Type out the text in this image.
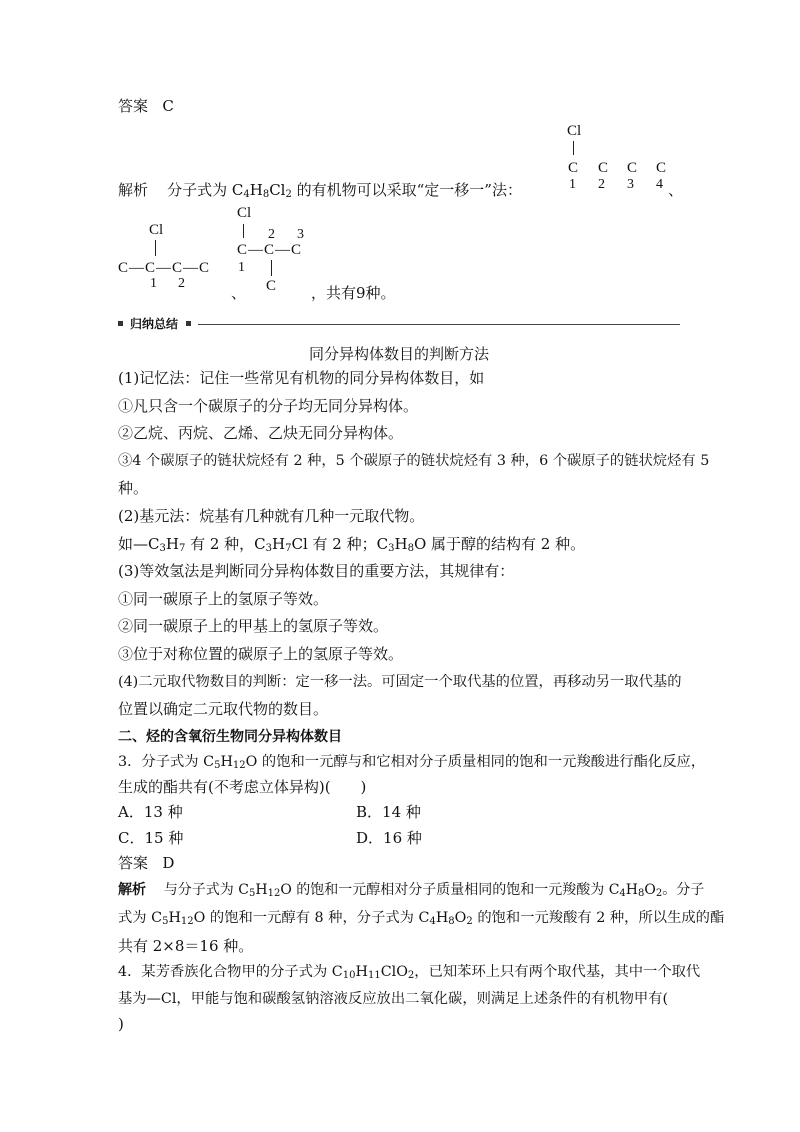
答案 C
解析 分子式为 $C_4H_8Cl_2$ 的有机物可以采取“定一移一”法：
Cl
C C C C
1 2 3 4 、
Cl
C—C—C—C
1 2
、
Cl
2 3
C—C—C
1
C ，共有9种。
归纳总结
同分异构体数目的判断方法
(1)记忆法：记住一些常见有机物的同分异构体数目，如
①凡只含一个碳原子的分子均无同分异构体。
②乙烷、丙烷、乙烯、乙炔无同分异构体。
③4 个碳原子的链状烷烃有 2 种，5 个碳原子的链状烷烃有 3 种，6 个碳原子的链状烷烃有 5
种。
(2)基元法：烷基有几种就有几种一元取代物。
如$—C_3H_7$ 有 2 种，$C_3H_7Cl$ 有 2 种；$C_3H_8O$ 属于醇的结构有 2 种。
(3)等效氢法是判断同分异构体数目的重要方法，其规律有：
①同一碳原子上的氢原子等效。
②同一碳原子上的甲基上的氢原子等效。
③位于对称位置的碳原子上的氢原子等效。
(4)二元取代物数目的判断：定一移一法。可固定一个取代基的位置，再移动另一取代基的
位置以确定二元取代物的数目。
二、烃的含氧衍生物同分异构体数目
3．分子式为 $C_5H_{12}O$ 的饱和一元醇与和它相对分子质量相同的饱和一元羧酸进行酯化反应，
生成的酯共有(不考虑立体异构)(　　)
A．13 种	B．14 种
C．15 种	D．16 种
答案 D
解析 与分子式为 $C_5H_{12}O$ 的饱和一元醇相对分子质量相同的饱和一元羧酸为 $C_4H_8O_2$。分子
式为 $C_5H_{12}O$ 的饱和一元醇有 8 种，分子式为 $C_4H_8O_2$ 的饱和一元羧酸有 2 种，所以生成的酯
共有 2×8＝16 种。
4．某芳香族化合物甲的分子式为 $C_{10}H_{11}ClO_2$，已知苯环上只有两个取代基，其中一个取代
基为—Cl，甲能与饱和碳酸氢钠溶液反应放出二氧化碳，则满足上述条件的有机物甲有(
)
